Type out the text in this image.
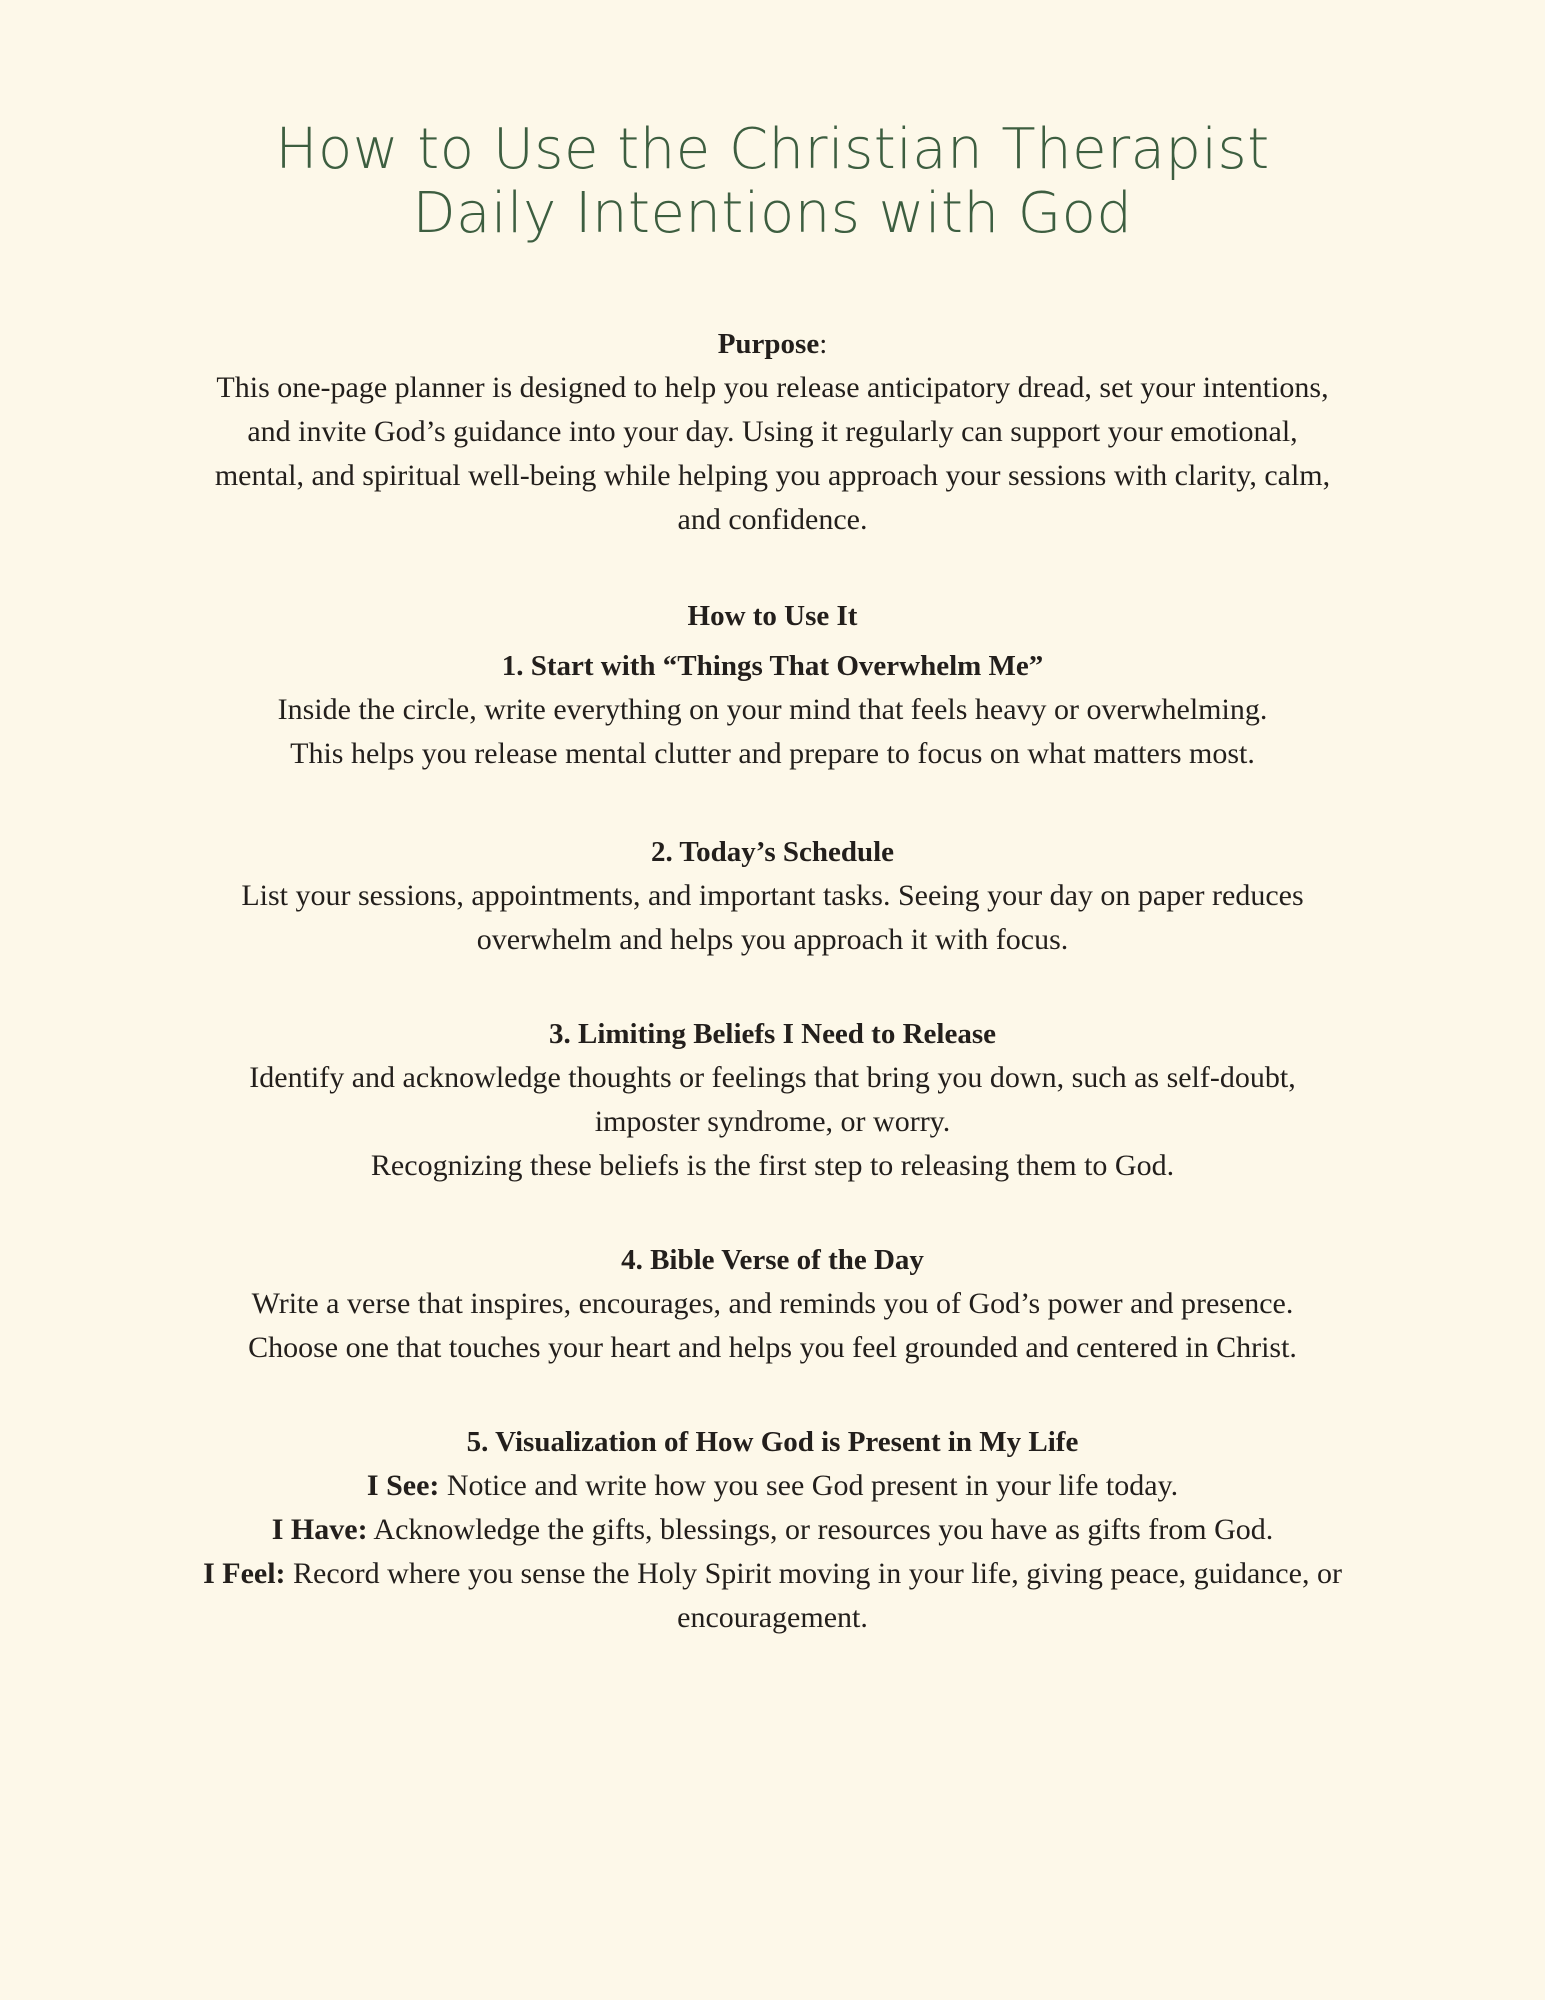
How to Use the Christian Therapist
Daily Intentions with God

Purpose:

This one-page planner is designed to help you release anticipatory dread, set your intentions,
and invite God’s guidance into your day. Using it regularly can support your emotional,
mental, and spiritual well-being while helping you approach your sessions with clarity, calm,
and confidence.

How to Use It

1. Start with “Things That Overwhelm Me”

Inside the circle, write everything on your mind that feels heavy or overwhelming.
This helps you release mental clutter and prepare to focus on what matters most.

2. Today’s Schedule

List your sessions, appointments, and important tasks. Seeing your day on paper reduces
overwhelm and helps you approach it with focus.

3. Limiting Beliefs I Need to Release

Identify and acknowledge thoughts or feelings that bring you down, such as self-doubt,
imposter syndrome, or worry.
Recognizing these beliefs is the first step to releasing them to God.

4. Bible Verse of the Day

Write a verse that inspires, encourages, and reminds you of God’s power and presence.
Choose one that touches your heart and helps you feel grounded and centered in Christ.

5. Visualization of How God is Present in My Life

I See: Notice and write how you see God present in your life today.
I Have: Acknowledge the gifts, blessings, or resources you have as gifts from God.
I Feel: Record where you sense the Holy Spirit moving in your life, giving peace, guidance, or
encouragement.
